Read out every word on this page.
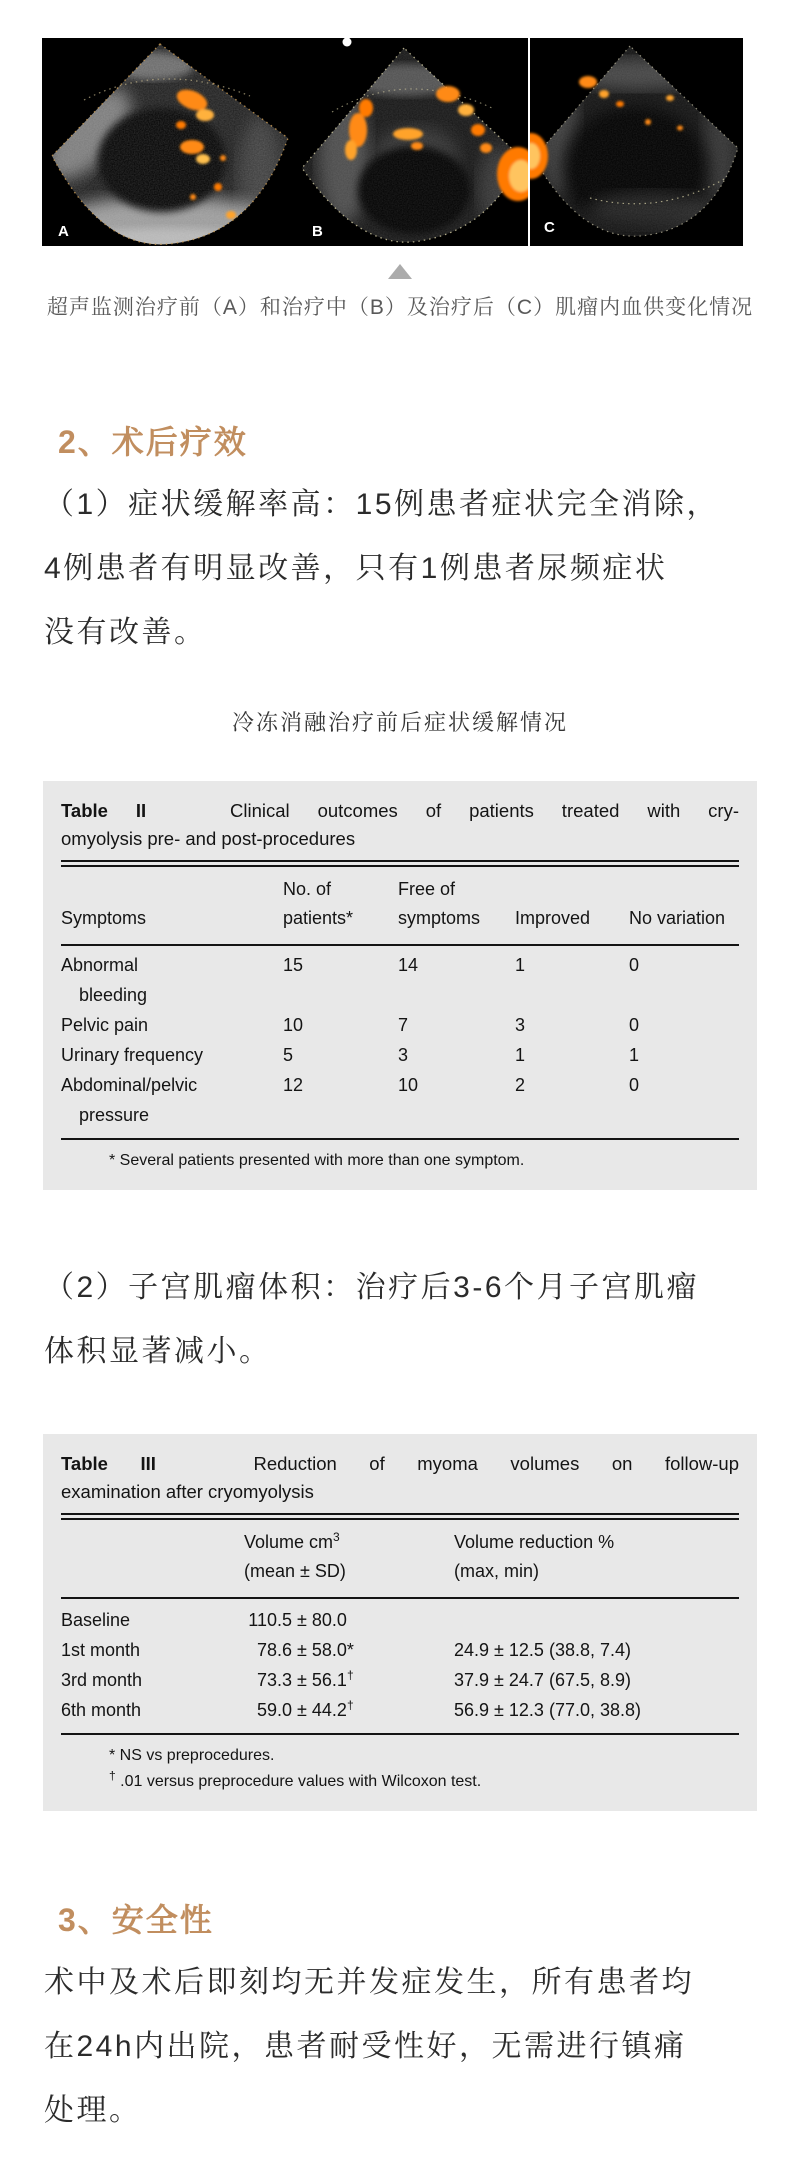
A	B	C
超声监测治疗前（A）和治疗中（B）及治疗后（C）肌瘤内血供变化情况
2、术后疗效
（1）症状缓解率高：15例患者症状完全消除，
4例患者有明显改善，只有1例患者尿频症状
没有改善。
冷冻消融治疗前后症状缓解情况
Table II	Clinical outcomes of patients treated with cry-
omyolysis pre- and post-procedures
Symptoms	No. of patients*	Free of symptoms	Improved	No variation
Abnormal
bleeding	15	14	1	0

Pelvic pain	10	7	3	0

Urinary frequency	5	3	1	1

Abdominal/pelvic
pressure	12	10	2	0
* Several patients presented with more than one symptom.
（2）子宫肌瘤体积：治疗后3-6个月子宫肌瘤
体积显著减小。
Table III	Reduction of myoma volumes on follow-up
examination after cryomyolysis

Volume $cm^3$
(mean ± SD)

Volume reduction %
(max, min)
Baseline	110.5 ± 80.0	
1st month	78.6 ± 58.0*	24.9 ± 12.5 (38.8, 7.4)
3rd month	73.3 ± 56.1†	37.9 ± 24.7 (67.5, 8.9)
6th month	59.0 ± 44.2†	56.9 ± 12.3 (77.0, 38.8)
* NS vs preprocedures.
† .01 versus preprocedure values with Wilcoxon test.
3、安全性
术中及术后即刻均无并发症发生，所有患者均
在24h内出院，患者耐受性好，无需进行镇痛
处理。
